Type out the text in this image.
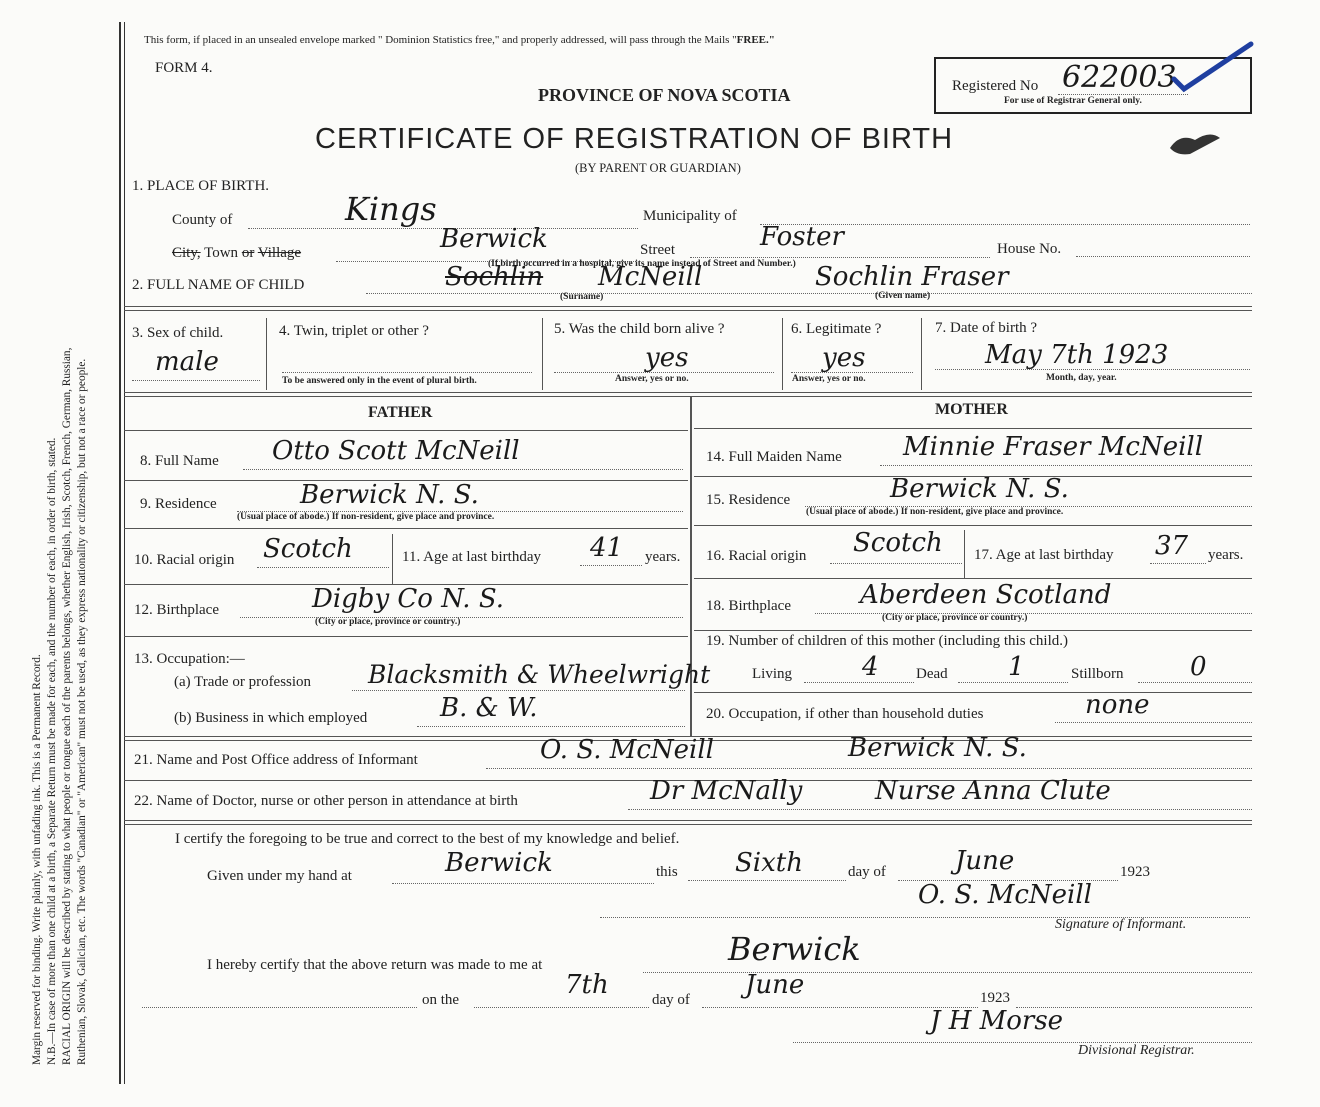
Margin reserved for binding. Write plainly, with unfading ink. This is a Permanent Record. N.B.—In case of more than one child at a birth, a Separate Return must be made for each, and the number of each, in order of birth, stated. RACIAL ORIGIN will be described by stating to what people or tongue each of the parents belongs, whether English, Irish, Scotch, French, German, Russian, Ruthenian, Slovak, Galician, etc. The words "Canadian" or "American" must not be used, as they express nationality or citizenship, but not a race or people.
This form, if placed in an unsealed envelope marked " Dominion Statistics free," and properly addressed, will pass through the Mails "FREE."
FORM 4.
PROVINCE OF NOVA SCOTIA
CERTIFICATE OF REGISTRATION OF BIRTH
(BY PARENT OR GUARDIAN)
Registered No 622003
For use of Registrar General only.
1. PLACE OF BIRTH.
County of	Kings	Municipality of
City, Town or Village	Berwick	Street	Foster	House No.
(If birth occurred in a hospital, give its name instead of Street and Number.)
2. FULL NAME OF CHILD	Sochlin McNeill
(Surname)
Sochlin Fraser
(Given name)
3. Sex of child.
male
4. Twin, triplet or other ?
To be answered only in the event of plural birth.
5. Was the child born alive ?
yes
Answer, yes or no.
6. Legitimate ?
yes
Answer, yes or no.
7. Date of birth ?
May 7th 1923
Month, day, year.
FATHER
8. Full Name Otto Scott McNeill
9. Residence	Berwick N. S.
(Usual place of abode.) If non-resident, give place and province.
10. Racial origin Scotch	11. Age at last birthday 41 years.
12. Birthplace	Digby Co N. S.
(City or place, province or country.)
13. Occupation:—
(a) Trade or profession Blacksmith & Wheelwright
(b) Business in which employed	B. & W.
MOTHER
14. Full Maiden Name Minnie Fraser McNeill
15. Residence	Berwick N. S.
(Usual place of abode.) If non-resident, give place and province.
16. Racial origin Scotch 17. Age at last birthday 37 years.
18. Birthplace	Aberdeen Scotland
(City or place, province or country.)
19. Number of children of this mother (including this child.)
Living	4 Dead 1	Stillborn	0
20. Occupation, if other than household duties	none
21. Name and Post Office address of Informant	O. S. McNeill	Berwick N. S.
22. Name of Doctor, nurse or other person in attendance at birth	Dr McNally	Nurse Anna Clute
I certify the foregoing to be true and correct to the best of my knowledge and belief.
Given under my hand at	Berwick	this Sixth	day of	June	1923
O. S. McNeill
Signature of Informant.
I hereby certify that the above return was made to me at	Berwick
on the	7th	day of June	1923
J H Morse
Divisional Registrar.
